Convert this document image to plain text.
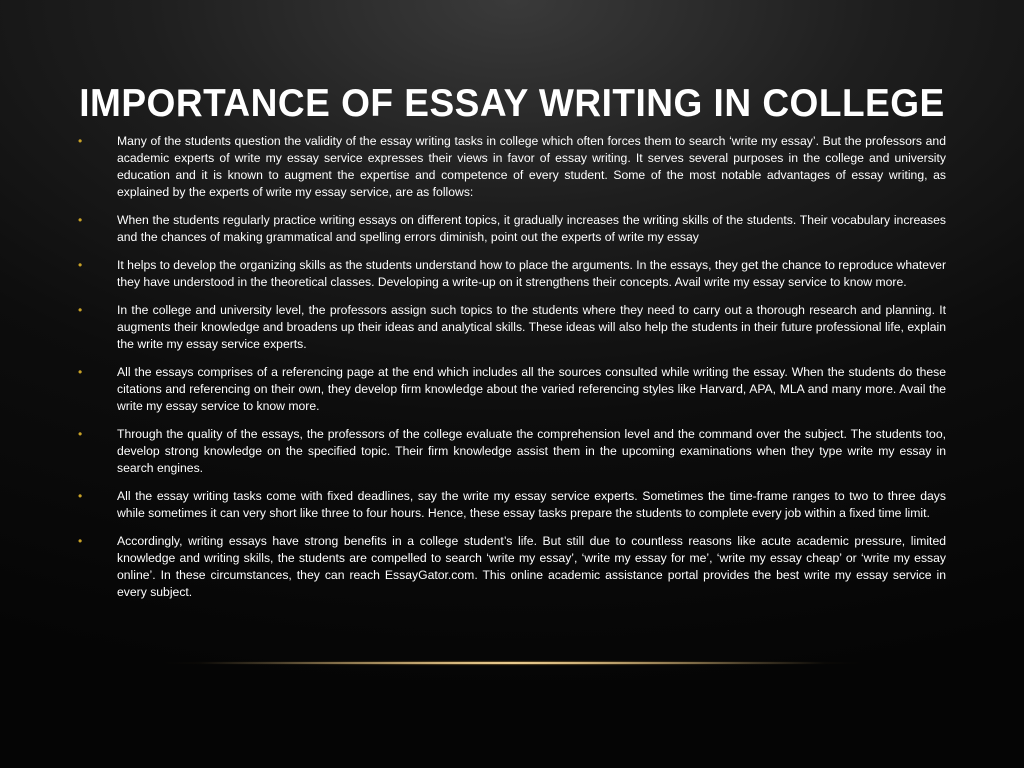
IMPORTANCE OF ESSAY WRITING IN COLLEGE
•	Many of the students question the validity of the essay writing tasks in college which often forces them to search ‘write my essay’. But the professors and academic experts of write my essay service expresses their views in favor of essay writing. It serves several purposes in the college and university education and it is known to augment the expertise and competence of every student. Some of the most notable advantages of essay writing, as explained by the experts of write my essay service, are as follows:
•	When the students regularly practice writing essays on different topics, it gradually increases the writing skills of the students. Their vocabulary increases and the chances of making grammatical and spelling errors diminish, point out the experts of write my essay
•	It helps to develop the organizing skills as the students understand how to place the arguments. In the essays, they get the chance to reproduce whatever they have understood in the theoretical classes. Developing a write-up on it strengthens their concepts. Avail write my essay service to know more.
•	In the college and university level, the professors assign such topics to the students where they need to carry out a thorough research and planning. It augments their knowledge and broadens up their ideas and analytical skills. These ideas will also help the students in their future professional life, explain the write my essay service experts.
•	All the essays comprises of a referencing page at the end which includes all the sources consulted while writing the essay. When the students do these citations and referencing on their own, they develop firm knowledge about the varied referencing styles like Harvard, APA, MLA and many more. Avail the write my essay service to know more.
•	Through the quality of the essays, the professors of the college evaluate the comprehension level and the command over the subject. The students too, develop strong knowledge on the specified topic. Their firm knowledge assist them in the upcoming examinations when they type write my essay in search engines.
•	All the essay writing tasks come with fixed deadlines, say the write my essay service experts. Sometimes the time-frame ranges to two to three days while sometimes it can very short like three to four hours. Hence, these essay tasks prepare the students to complete every job within a fixed time limit.
•	Accordingly, writing essays have strong benefits in a college student’s life. But still due to countless reasons like acute academic pressure, limited knowledge and writing skills, the students are compelled to search ‘write my essay’, ‘write my essay for me’, ‘write my essay cheap’ or ‘write my essay online’. In these circumstances, they can reach EssayGator.com. This online academic assistance portal provides the best write my essay service in every subject.
